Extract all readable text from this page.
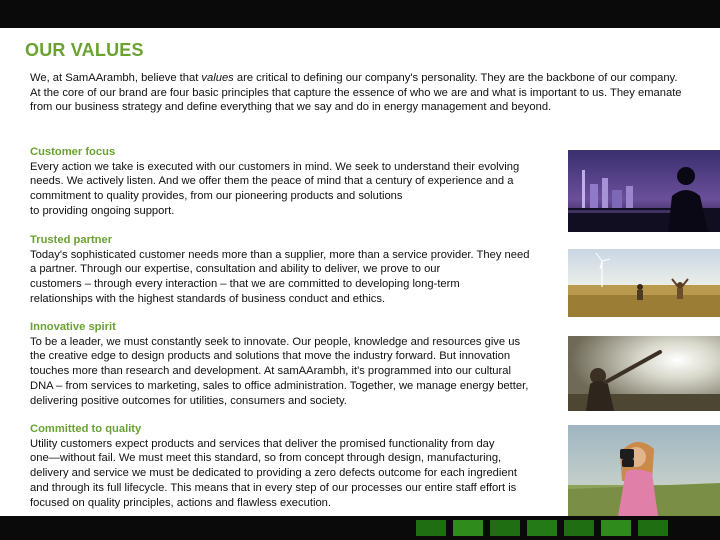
OUR VALUES

We, at SamAArambh, believe that values are critical to defining our company's personality. They are the backbone of our company.

At the core of our brand are four basic principles that capture the essence of who we are and what is important to us. They emanate from our business strategy and define everything that we say and do in energy management and beyond.

Customer focus

Every action we take is executed with our customers in mind. We seek to understand their evolving
needs. We actively listen. And we offer them the peace of mind that a century of experience and a
commitment to quality provides, from our pioneering products and solutions
to providing ongoing support.

Trusted partner

Today's sophisticated customer needs more than a supplier, more than a service provider. They need
a partner. Through our expertise, consultation and ability to deliver, we prove to our
customers – through every interaction – that we are committed to developing long-term
relationships with the highest standards of business conduct and ethics.

Innovative spirit

To be a leader, we must constantly seek to innovate. Our people, knowledge and resources give us
the creative edge to design products and solutions that move the industry forward. But innovation
touches more than research and development. At samAArambh, it's programmed into our cultural
DNA – from services to marketing, sales to office administration. Together, we manage energy better,
delivering positive outcomes for utilities, consumers and society.

Committed to quality

Utility customers expect products and services that deliver the promised functionality from day
one—without fail. We must meet this standard, so from concept through design, manufacturing,
delivery and service we must be dedicated to providing a zero defects outcome for each ingredient
and through its full lifecycle. This means that in every step of our processes our entire staff effort is
focused on quality principles, actions and flawless execution.
